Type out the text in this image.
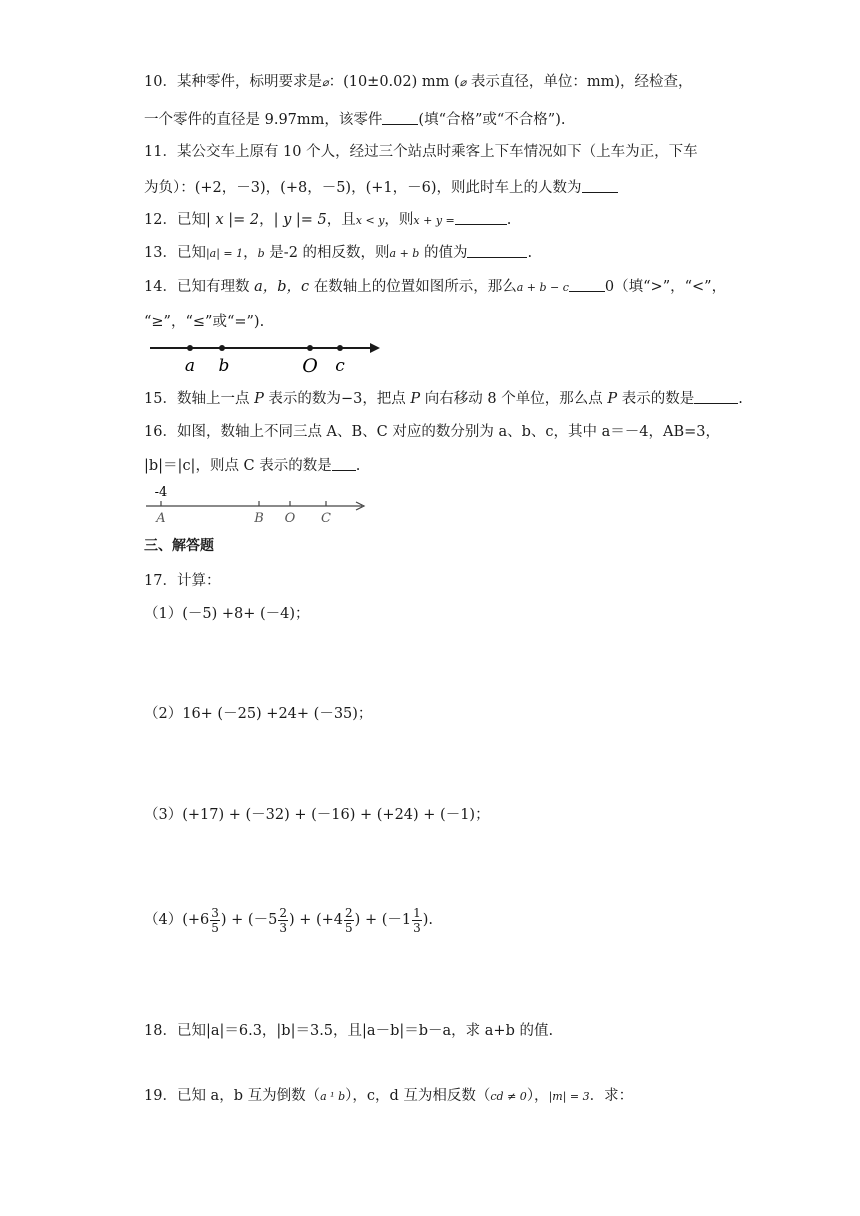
10．某种零件，标明要求是⌀：(10±0.02) mm (⌀ 表示直径，单位：mm)，经检查，
一个零件的直径是 9.97mm，该零件 (填“合格”或“不合格”).
11．某公交车上原有 10 个人，经过三个站点时乘客上下车情况如下（上车为正，下车
为负）：(+2，－3)，(+8，－5)，(+1，－6)，则此时车上的人数为
12．已知| x |= 2，| y |= 5，且x < y，则x + y =	.
13．已知|a| = 1，b 是-2 的相反数，则a + b 的值为	.
14．已知有理数 a，b，c 在数轴上的位置如图所示，那么a + b − c 0（填“>”，“<”，
“≥”，“≤”或“=”).
a b	O c
15．数轴上一点 P 表示的数为−3，把点 P 向右移动 8 个单位，那么点 P 表示的数是	.
16．如图，数轴上不同三点 A、B、C 对应的数分别为 a、b、c，其中 a＝－4，AB=3，
|b|＝|c|，则点 C 表示的数是 .
-4
A	B O C
三、解答题
17．计算：
（1）(－5) +8+ (－4)；
（2）16+ (－25) +24+ (－35)；
（3）(+17) + (－32) + (－16) + (+24) + (－1)；
$(4)(+6 \frac{3}{5}$ ) + ($-5 \frac{2}{3}$ ) + ($+4 \frac{2}{5}$ ) + ($-1 \frac{1}{3}$ ).
18．已知|a|＝6.3，|b|＝3.5，且|a－b|＝b－a，求 a+b 的值.
19．已知 a，b 互为倒数（a ¹ b），c，d 互为相反数（cd ≠ 0），|m| = 3．求：
